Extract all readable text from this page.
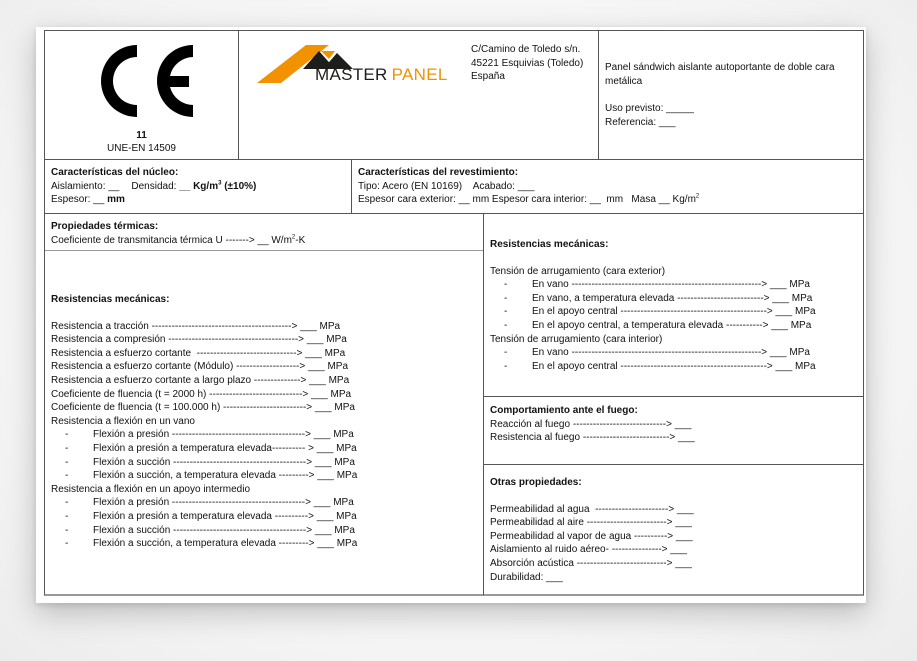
11
UNE-EN 14509
MASTER PANEL
C/Camino de Toledo s/n.
45221 Esquivias (Toledo)
España
Panel sándwich aislante autoportante de doble cara
metálica
Uso previsto: _____
Referencia: ___
Características del núcleo:
Aislamiento: __ Densidad: __ $Kg/m^3$ (±10%)
Espesor: __ mm
Características del revestimiento:
Tipo: Acero (EN 10169)    Acabado: ___
Espesor cara exterior: __ mm Espesor cara interior: __  mm   Masa __ $Kg/m^2$
Propiedades térmicas:
Coeficiente de transmitancia térmica U -------> __ $W/m^2-K$
Resistencias mecánicas:
Resistencia a tracción ------------------------------------------> ___ MPa
Resistencia a compresión ---------------------------------------> ___ MPa
Resistencia a esfuerzo cortante  ------------------------------> ___ MPa
Resistencia a esfuerzo cortante (Módulo) -------------------> ___ MPa
Resistencia a esfuerzo cortante a largo plazo --------------> ___ MPa
Coeficiente de fluencia (t = 2000 h) ----------------------------> ___ MPa
Coeficiente de fluencia (t = 100.000 h) -------------------------> ___ MPa
Resistencia a flexión en un vano
- Flexión a presión ----------------------------------------> ___ MPa
- Flexión a presión a temperatura elevada---------- > ___ MPa
- Flexión a succión ----------------------------------------> ___ MPa
- Flexión a succión, a temperatura elevada ---------> ___ MPa
Resistencia a flexión en un apoyo intermedio
- Flexión a presión ----------------------------------------> ___ MPa
- Flexión a presión a temperatura elevada ----------> ___ MPa
- Flexión a succión ----------------------------------------> ___ MPa
- Flexión a succión, a temperatura elevada ---------> ___ MPa
Resistencias mecánicas:
Tensión de arrugamiento (cara exterior)
- En vano ---------------------------------------------------------> ___ MPa
- En vano, a temperatura elevada --------------------------> ___ MPa
- En el apoyo central --------------------------------------------> ___ MPa
- En el apoyo central, a temperatura elevada -----------> ___ MPa
Tensión de arrugamiento (cara interior)
- En vano ---------------------------------------------------------> ___ MPa
- En el apoyo central --------------------------------------------> ___ MPa
Comportamiento ante el fuego:
Reacción al fuego ----------------------------> ___
Resistencia al fuego --------------------------> ___
Otras propiedades:
Permeabilidad al agua  ----------------------> ___
Permeabilidad al aire ------------------------> ___
Permeabilidad al vapor de agua ----------> ___
Aislamiento al ruido aéreo- ---------------> ___
Absorción acústica ---------------------------> ___
Durabilidad: ___
